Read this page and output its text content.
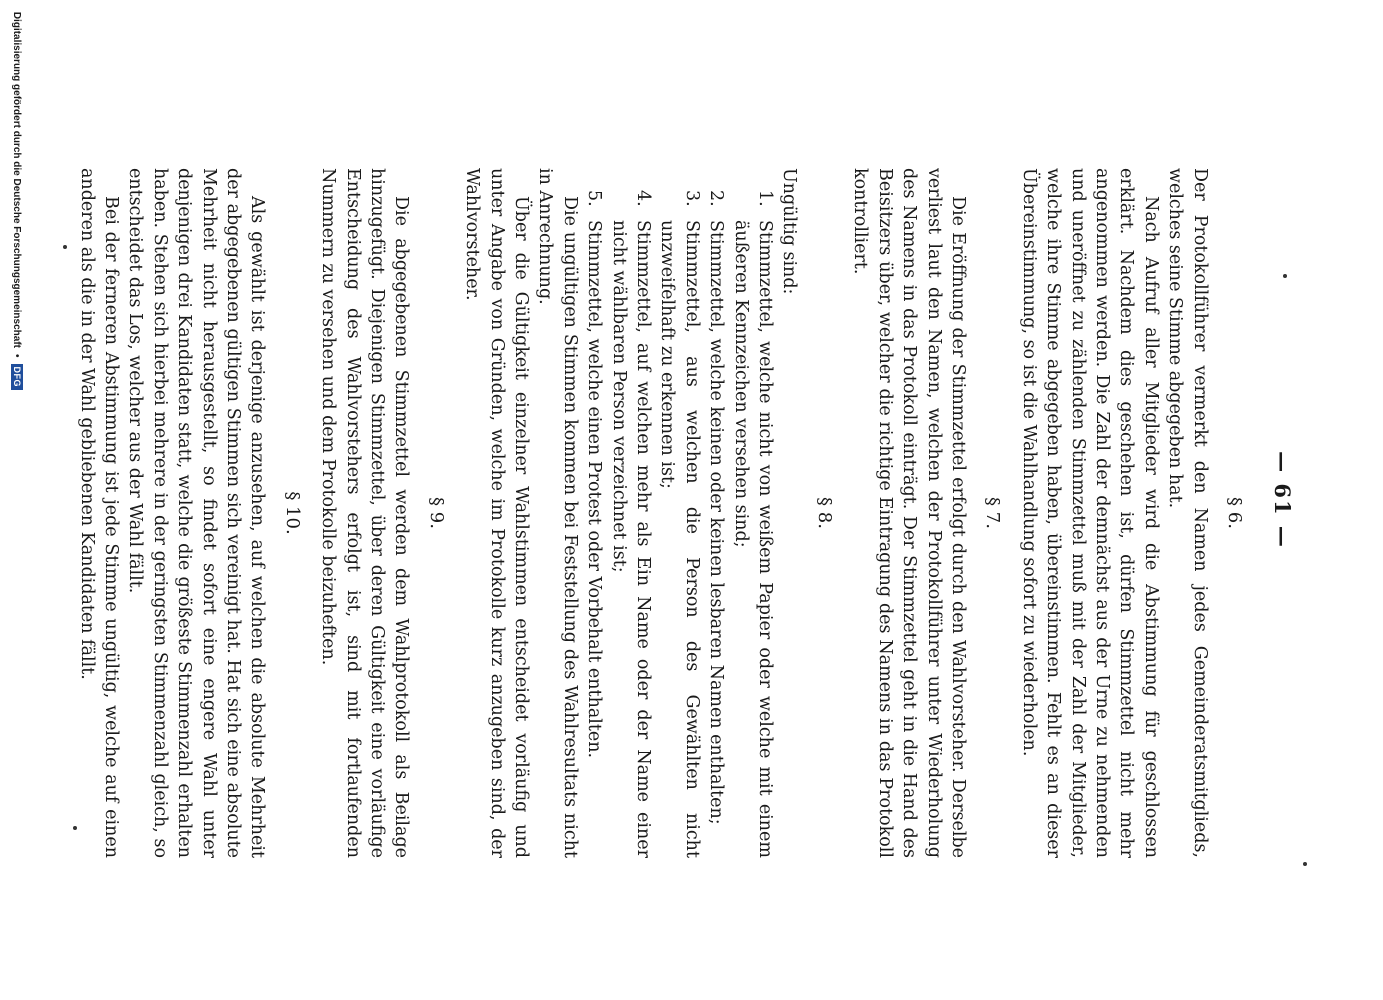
— 61 —
§ 6.

Der Protokollführer vermerkt den Namen jedes Gemeinderatsmitglieds, welches seine Stimme abgegeben hat.

Nach Aufruf aller Mitglieder wird die Abstimmung für geschlossen erklärt. Nachdem dies geschehen ist, dürfen Stimmzettel nicht mehr angenommen werden. Die Zahl der demnächst aus der Urne zu nehmenden und uneröffnet zu zählenden Stimmzettel muß mit der Zahl der Mitglieder, welche ihre Stimme abgegeben haben, übereinstimmen. Fehlt es an dieser Übereinstimmung, so ist die Wahlhandlung sofort zu wiederholen.

§ 7.

Die Eröffnung der Stimmzettel erfolgt durch den Wahlvorsteher. Derselbe verliest laut den Namen, welchen der Protokollführer unter Wiederholung des Namens in das Protokoll einträgt. Der Stimmzettel geht in die Hand des Beisitzers über, welcher die richtige Eintragung des Namens in das Protokoll kontrolliert.

§ 8.

Ungültig sind:

1.
Stimmzettel, welche nicht von weißem Papier oder welche mit einem äußeren Kennzeichen versehen sind;
2.
Stimmzettel, welche keinen oder keinen lesbaren Namen enthalten;
3.
Stimmzettel, aus welchen die Person des Gewählten nicht unzweifelhaft zu erkennen ist;
4.
Stimmzettel, auf welchen mehr als Ein Name oder der Name einer nicht wählbaren Person verzeichnet ist;
5.
Stimmzettel, welche einen Protest oder Vorbehalt enthalten.

Die ungültigen Stimmen kommen bei Feststellung des Wahlresultats nicht in Anrechnung.

Über die Gültigkeit einzelner Wahlstimmen entscheidet vorläufig und unter Angabe von Gründen, welche im Protokolle kurz anzugeben sind, der Wahlvorsteher.

§ 9.

Die abgegebenen Stimmzettel werden dem Wahlprotokoll als Beilage hinzugefügt. Diejenigen Stimmzettel, über deren Gültigkeit eine vorläufige Entscheidung des Wahlvorstehers erfolgt ist, sind mit fortlaufenden Nummern zu versehen und dem Protokolle beizuheften.

§ 10.

Als gewählt ist derjenige anzusehen, auf welchen die absolute Mehrheit der abgegebenen gültigen Stimmen sich vereinigt hat. Hat sich eine absolute Mehrheit nicht herausgestellt, so findet sofort eine engere Wahl unter denjenigen drei Kandidaten statt, welche die größeste Stimmenzahl erhalten haben. Stehen sich hierbei mehrere in der geringsten Stimmenzahl gleich, so entscheidet das Los, welcher aus der Wahl fällt.

Bei der ferneren Abstimmung ist jede Stimme ungültig, welche auf einen anderen als die in der Wahl gebliebenen Kandidaten fällt.

Digitalisierung gefördert durch die Deutsche Forschungsgemeinschaft
•
DFG
